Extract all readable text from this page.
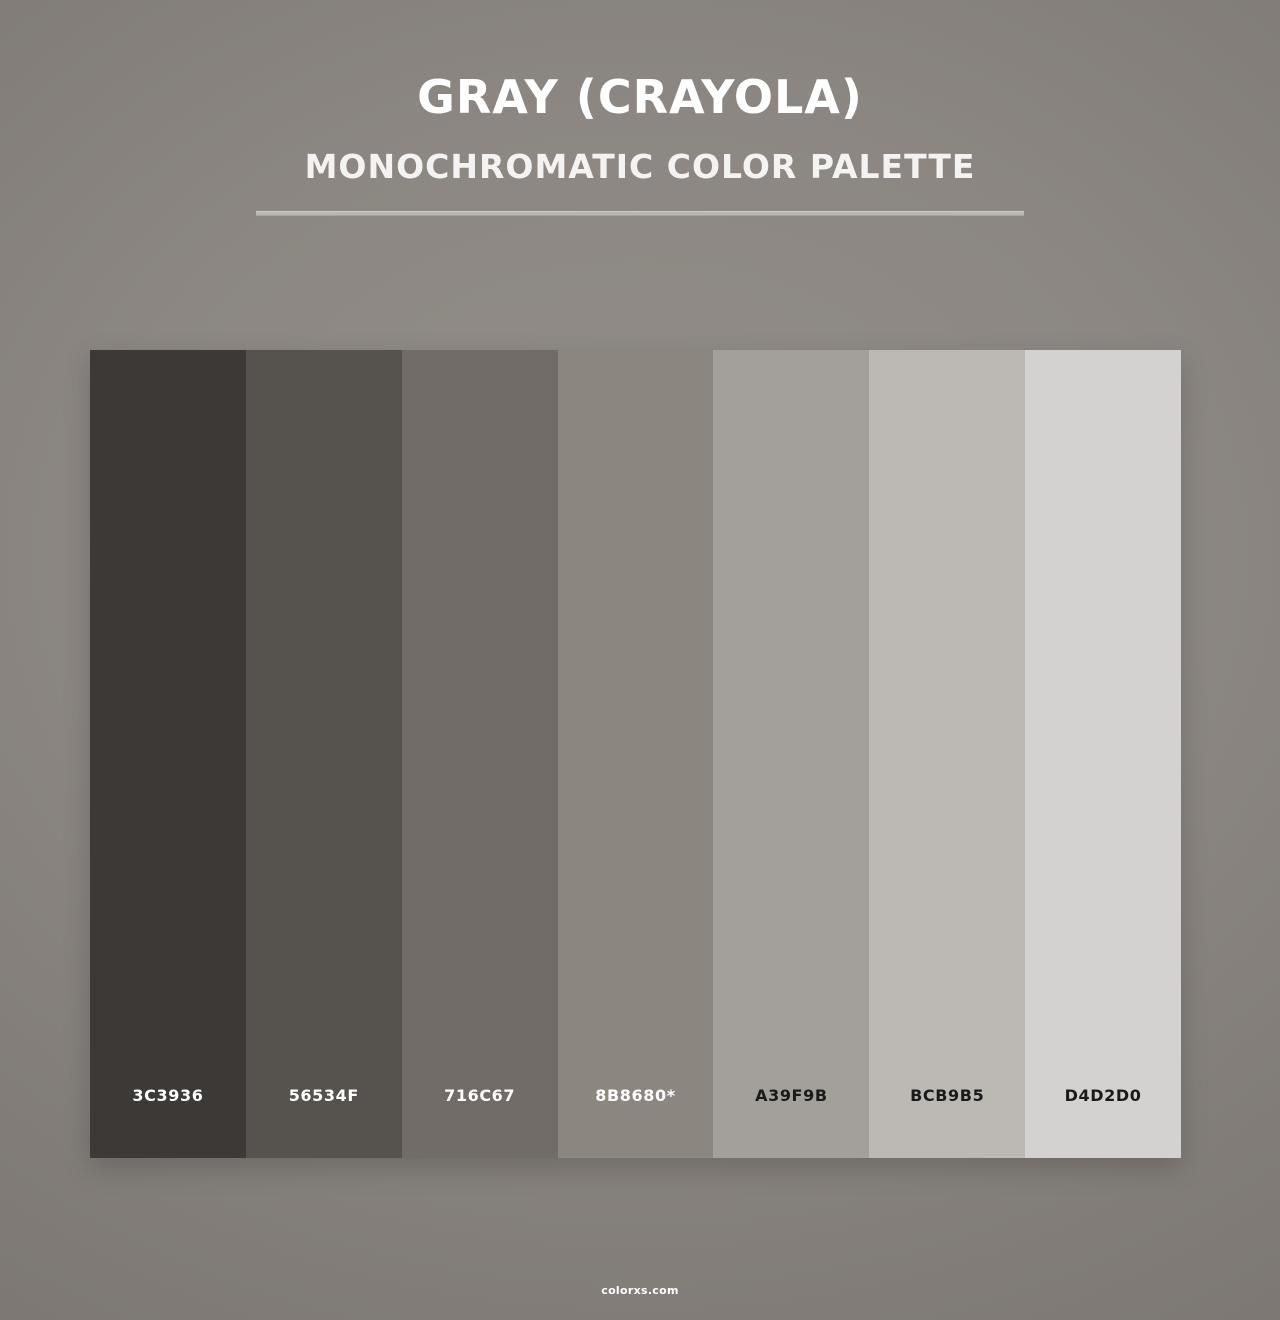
GRAY (CRAYOLA)
MONOCHROMATIC COLOR PALETTE
3C3936	56534F	716C67	8B8680*	A39F9B	BCB9B5	D4D2D0
colorxs.com
